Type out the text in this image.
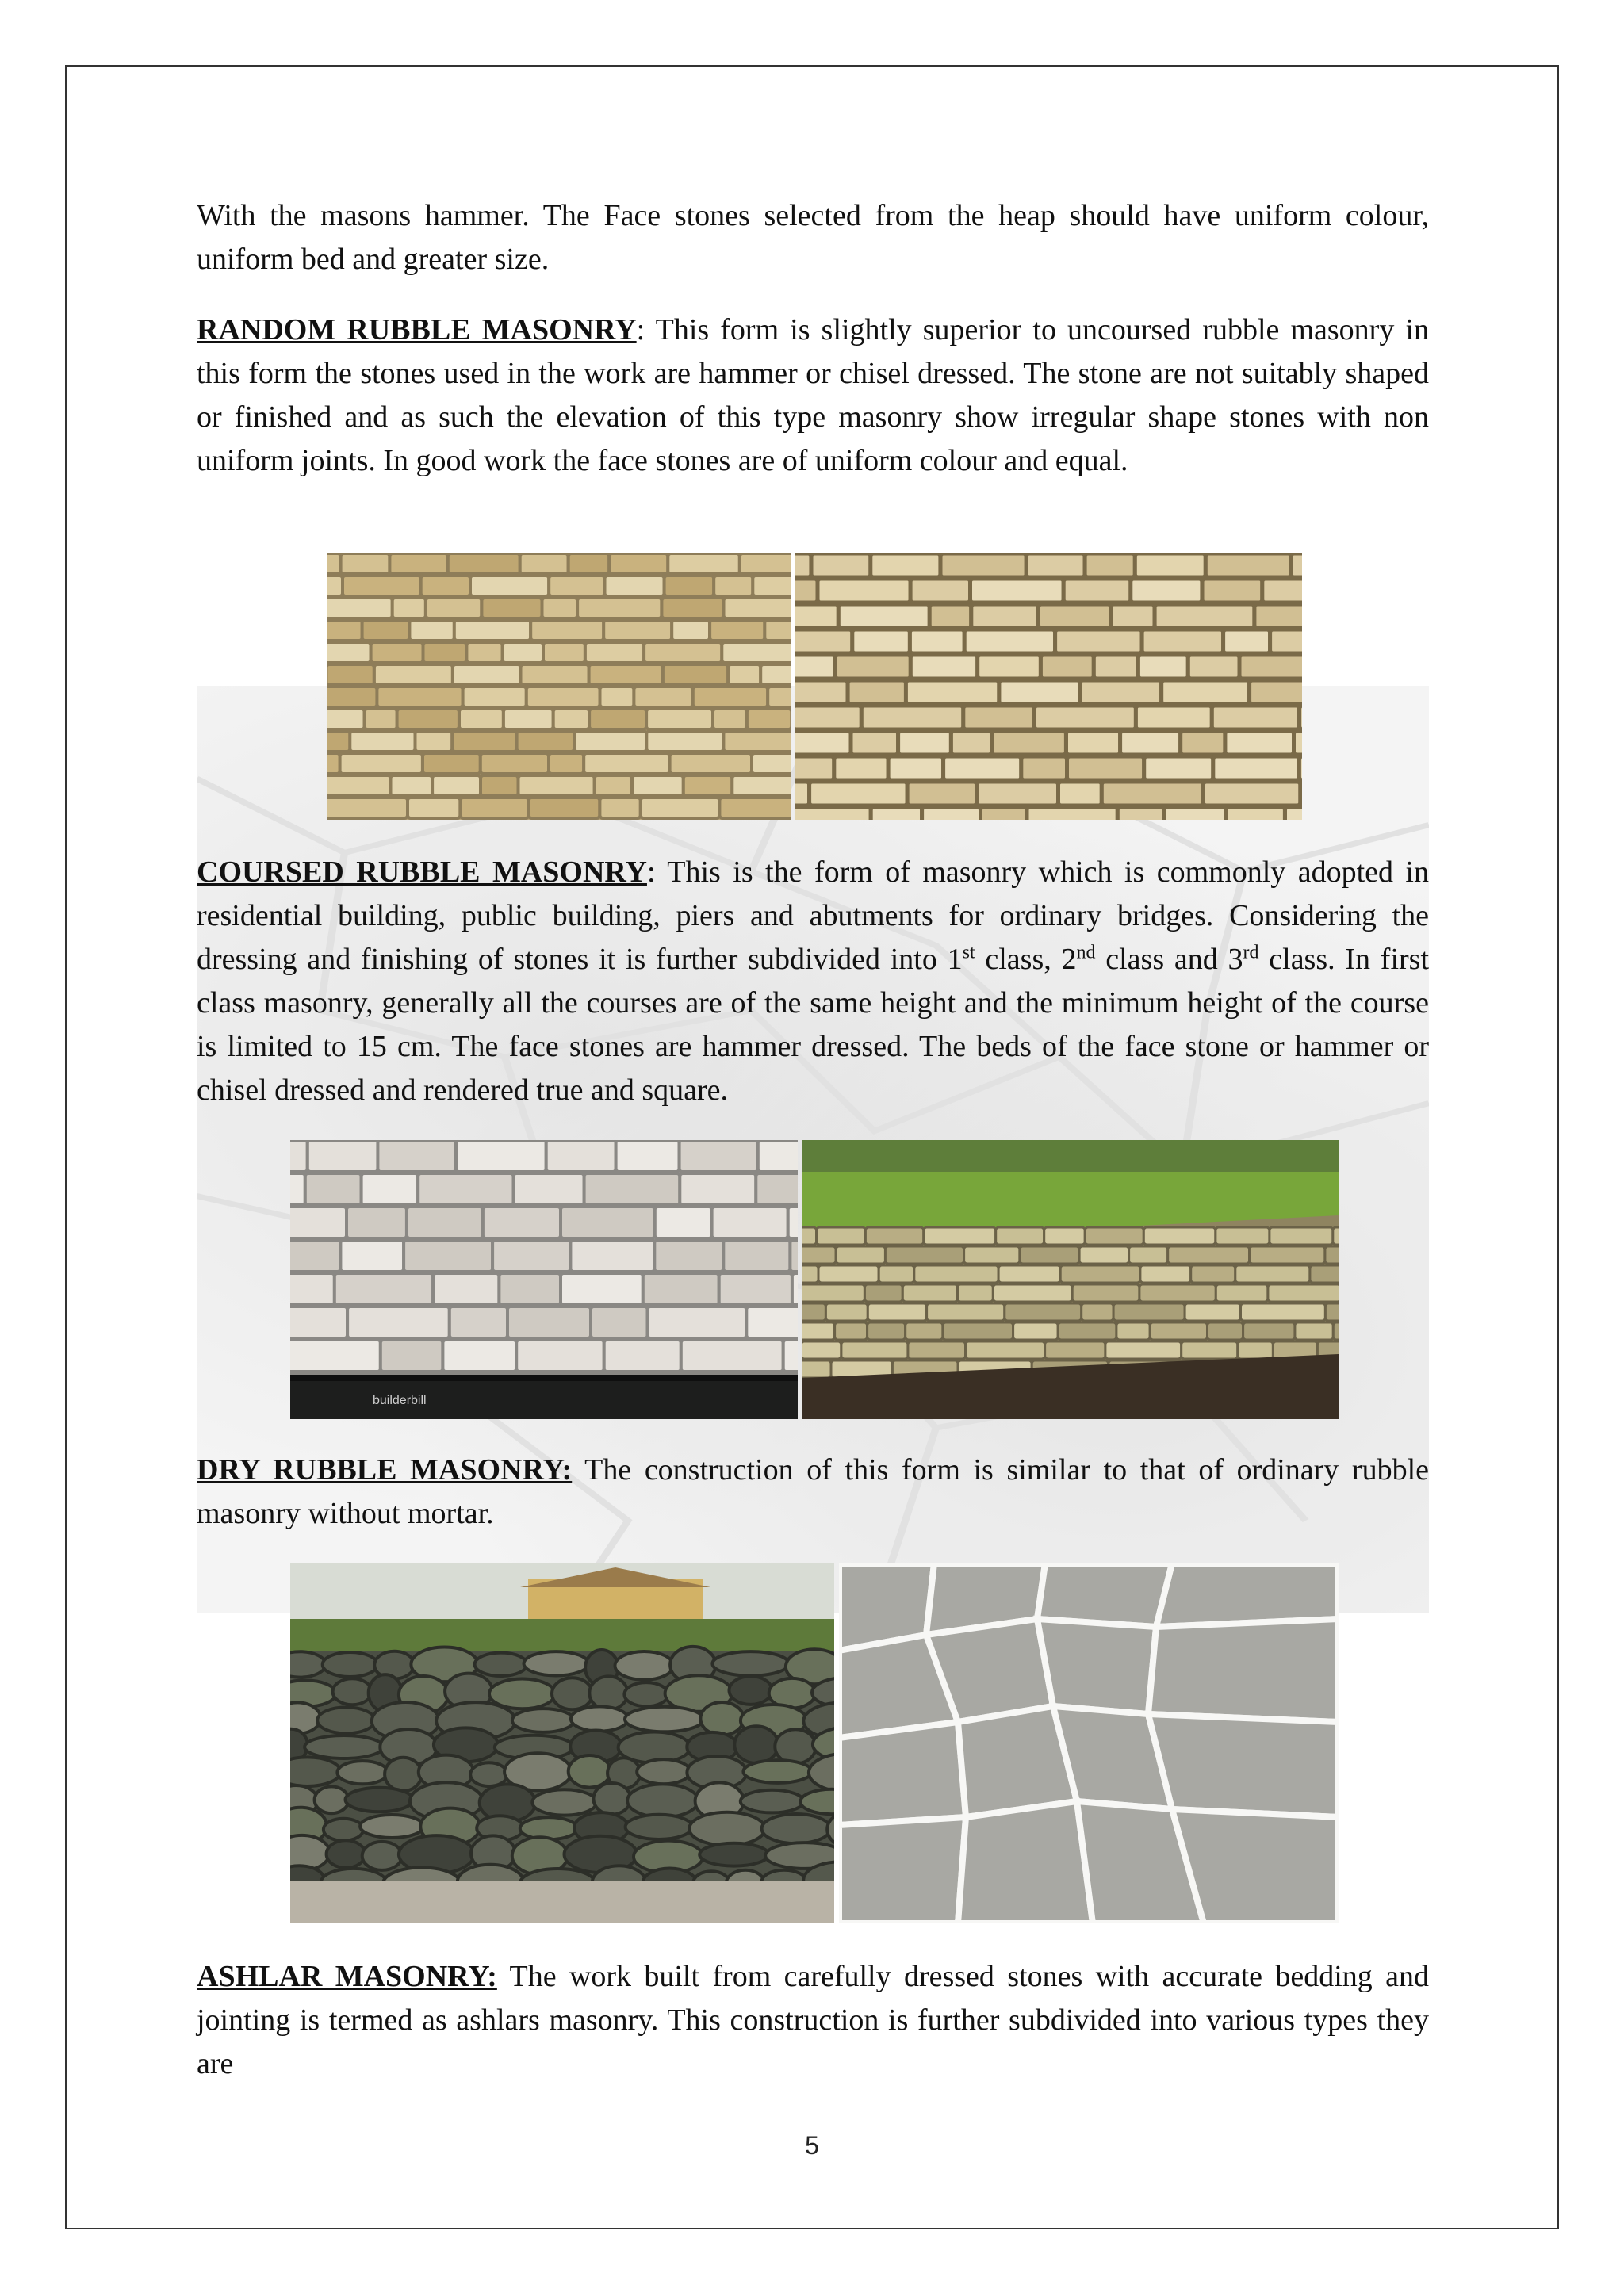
With the masons hammer. The Face stones selected from the heap should have uniform colour, uniform bed and greater size.
RANDOM RUBBLE MASONRY: This form is slightly superior to uncoursed rubble masonry in this form the stones used in the work are hammer or chisel dressed. The stone are not suitably shaped or finished and as such the elevation of this type masonry show irregular shape stones with non uniform joints. In good work the face stones are of uniform colour and equal.
COURSED RUBBLE MASONRY: This is the form of masonry which is commonly adopted in residential building, public building, piers and abutments for ordinary bridges. Considering the dressing and finishing of stones it is further subdivided into 1st class, 2nd class and 3rd class. In first class masonry, generally all the courses are of the same height and the minimum height of the course is limited to 15 cm. The face stones are hammer dressed. The beds of the face stone or hammer or chisel dressed and rendered true and square.
builderbill
DRY RUBBLE MASONRY: The construction of this form is similar to that of ordinary rubble masonry without mortar.
ASHLAR MASONRY: The work built from carefully dressed stones with accurate bedding and jointing is termed as ashlars masonry. This construction is further subdivided into various types they are
5
